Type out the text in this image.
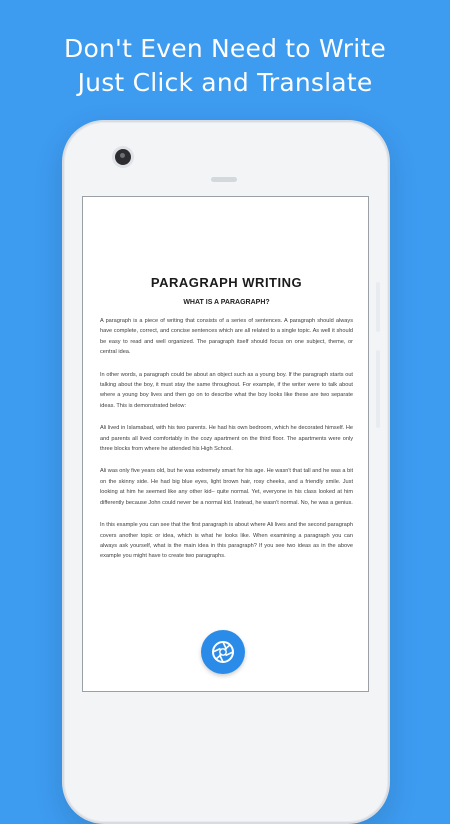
Don't Even Need to Write
Just Click and Translate
PARAGRAPH WRITING
WHAT IS A PARAGRAPH?

A paragraph is a piece of writing that consists of a series of sentences. A paragraph should always have complete, correct, and concise sentences which are all related to a single topic. As well it should be easy to read and well organized. The paragraph itself should focus on one subject, theme, or central idea.

In other words, a paragraph could be about an object such as a young boy. If the paragraph starts out talking about the boy, it must stay the same throughout. For example, if the writer were to talk about where a young boy lives and then go on to describe what the boy looks like these are two separate ideas. This is demonstrated below:

Ali lived in Islamabad, with his two parents. He had his own bedroom, which he decorated himself. He and parents all lived comfortably in the cozy apartment on the third floor. The apartments were only three blocks from where he attended his High School.

Ali was only five years old, but he was extremely smart for his age. He wasn't that tall and he was a bit on the skinny side. He had big blue eyes, light brown hair, rosy cheeks, and a friendly smile. Just looking at him he seemed like any other kid– quite normal. Yet, everyone in his class looked at him differently because John could never be a normal kid. Instead, he wasn't normal. No, he was a genius.

In this example you can see that the first paragraph is about where Ali lives and the second paragraph covers another topic or idea, which is what he looks like. When examining a paragraph you can always ask yourself, what is the main idea in this paragraph? If you see two ideas as in the above example you might have to create two paragraphs.
